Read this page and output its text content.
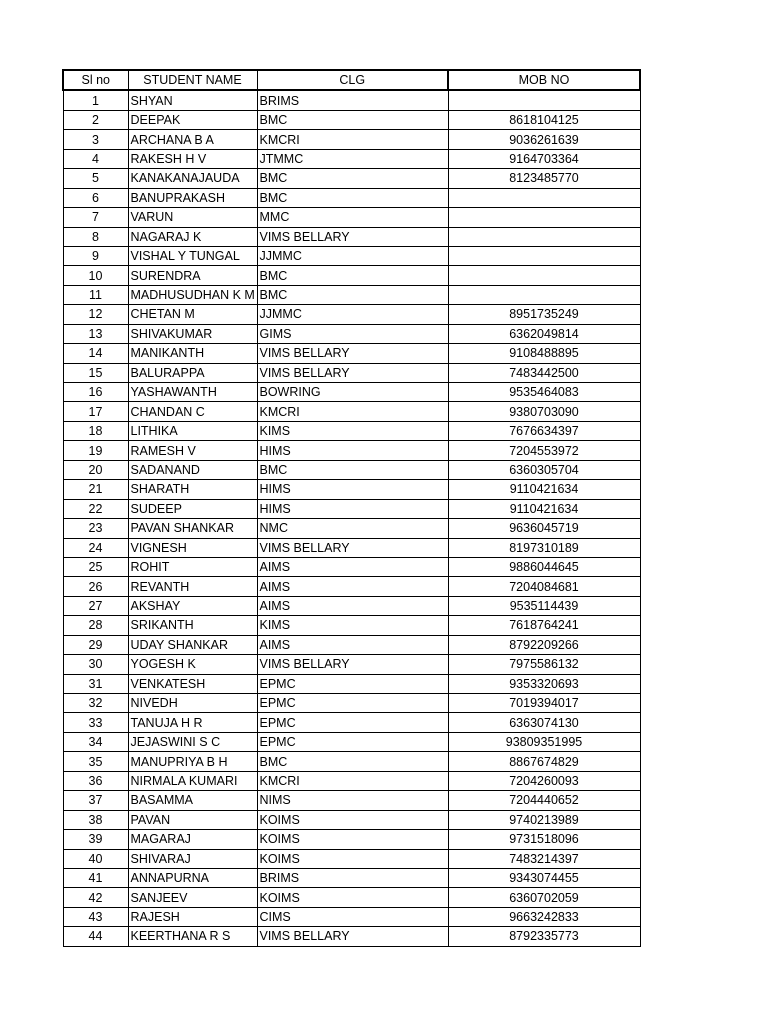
Sl no	STUDENT NAME	CLG	MOB NO
1	SHYAN	BRIMS	
2	DEEPAK	BMC	8618104125
3	ARCHANA B A	KMCRI	9036261639
4	RAKESH H V	JTMMC	9164703364
5	KANAKANAJAUDA	BMC	8123485770
6	BANUPRAKASH	BMC	
7	VARUN	MMC	
8	NAGARAJ K	VIMS BELLARY	
9	VISHAL Y TUNGAL	JJMMC	
10	SURENDRA	BMC	
11	MADHUSUDHAN K M	BMC	
12	CHETAN M	JJMMC	8951735249
13	SHIVAKUMAR	GIMS	6362049814
14	MANIKANTH	VIMS BELLARY	9108488895
15	BALURAPPA	VIMS BELLARY	7483442500
16	YASHAWANTH	BOWRING	9535464083
17	CHANDAN C	KMCRI	9380703090
18	LITHIKA	KIMS	7676634397
19	RAMESH V	HIMS	7204553972
20	SADANAND	BMC	6360305704
21	SHARATH	HIMS	9110421634
22	SUDEEP	HIMS	9110421634
23	PAVAN SHANKAR	NMC	9636045719
24	VIGNESH	VIMS BELLARY	8197310189
25	ROHIT	AIMS	9886044645
26	REVANTH	AIMS	7204084681
27	AKSHAY	AIMS	9535114439
28	SRIKANTH	KIMS	7618764241
29	UDAY SHANKAR	AIMS	8792209266
30	YOGESH K	VIMS BELLARY	7975586132
31	VENKATESH	EPMC	9353320693
32	NIVEDH	EPMC	7019394017
33	TANUJA H R	EPMC	6363074130
34	JEJASWINI S C	EPMC	93809351995
35	MANUPRIYA B H	BMC	8867674829
36	NIRMALA KUMARI	KMCRI	7204260093
37	BASAMMA	NIMS	7204440652
38	PAVAN	KOIMS	9740213989
39	MAGARAJ	KOIMS	9731518096
40	SHIVARAJ	KOIMS	7483214397
41	ANNAPURNA	BRIMS	9343074455
42	SANJEEV	KOIMS	6360702059
43	RAJESH	CIMS	9663242833
44	KEERTHANA R S	VIMS BELLARY	8792335773
